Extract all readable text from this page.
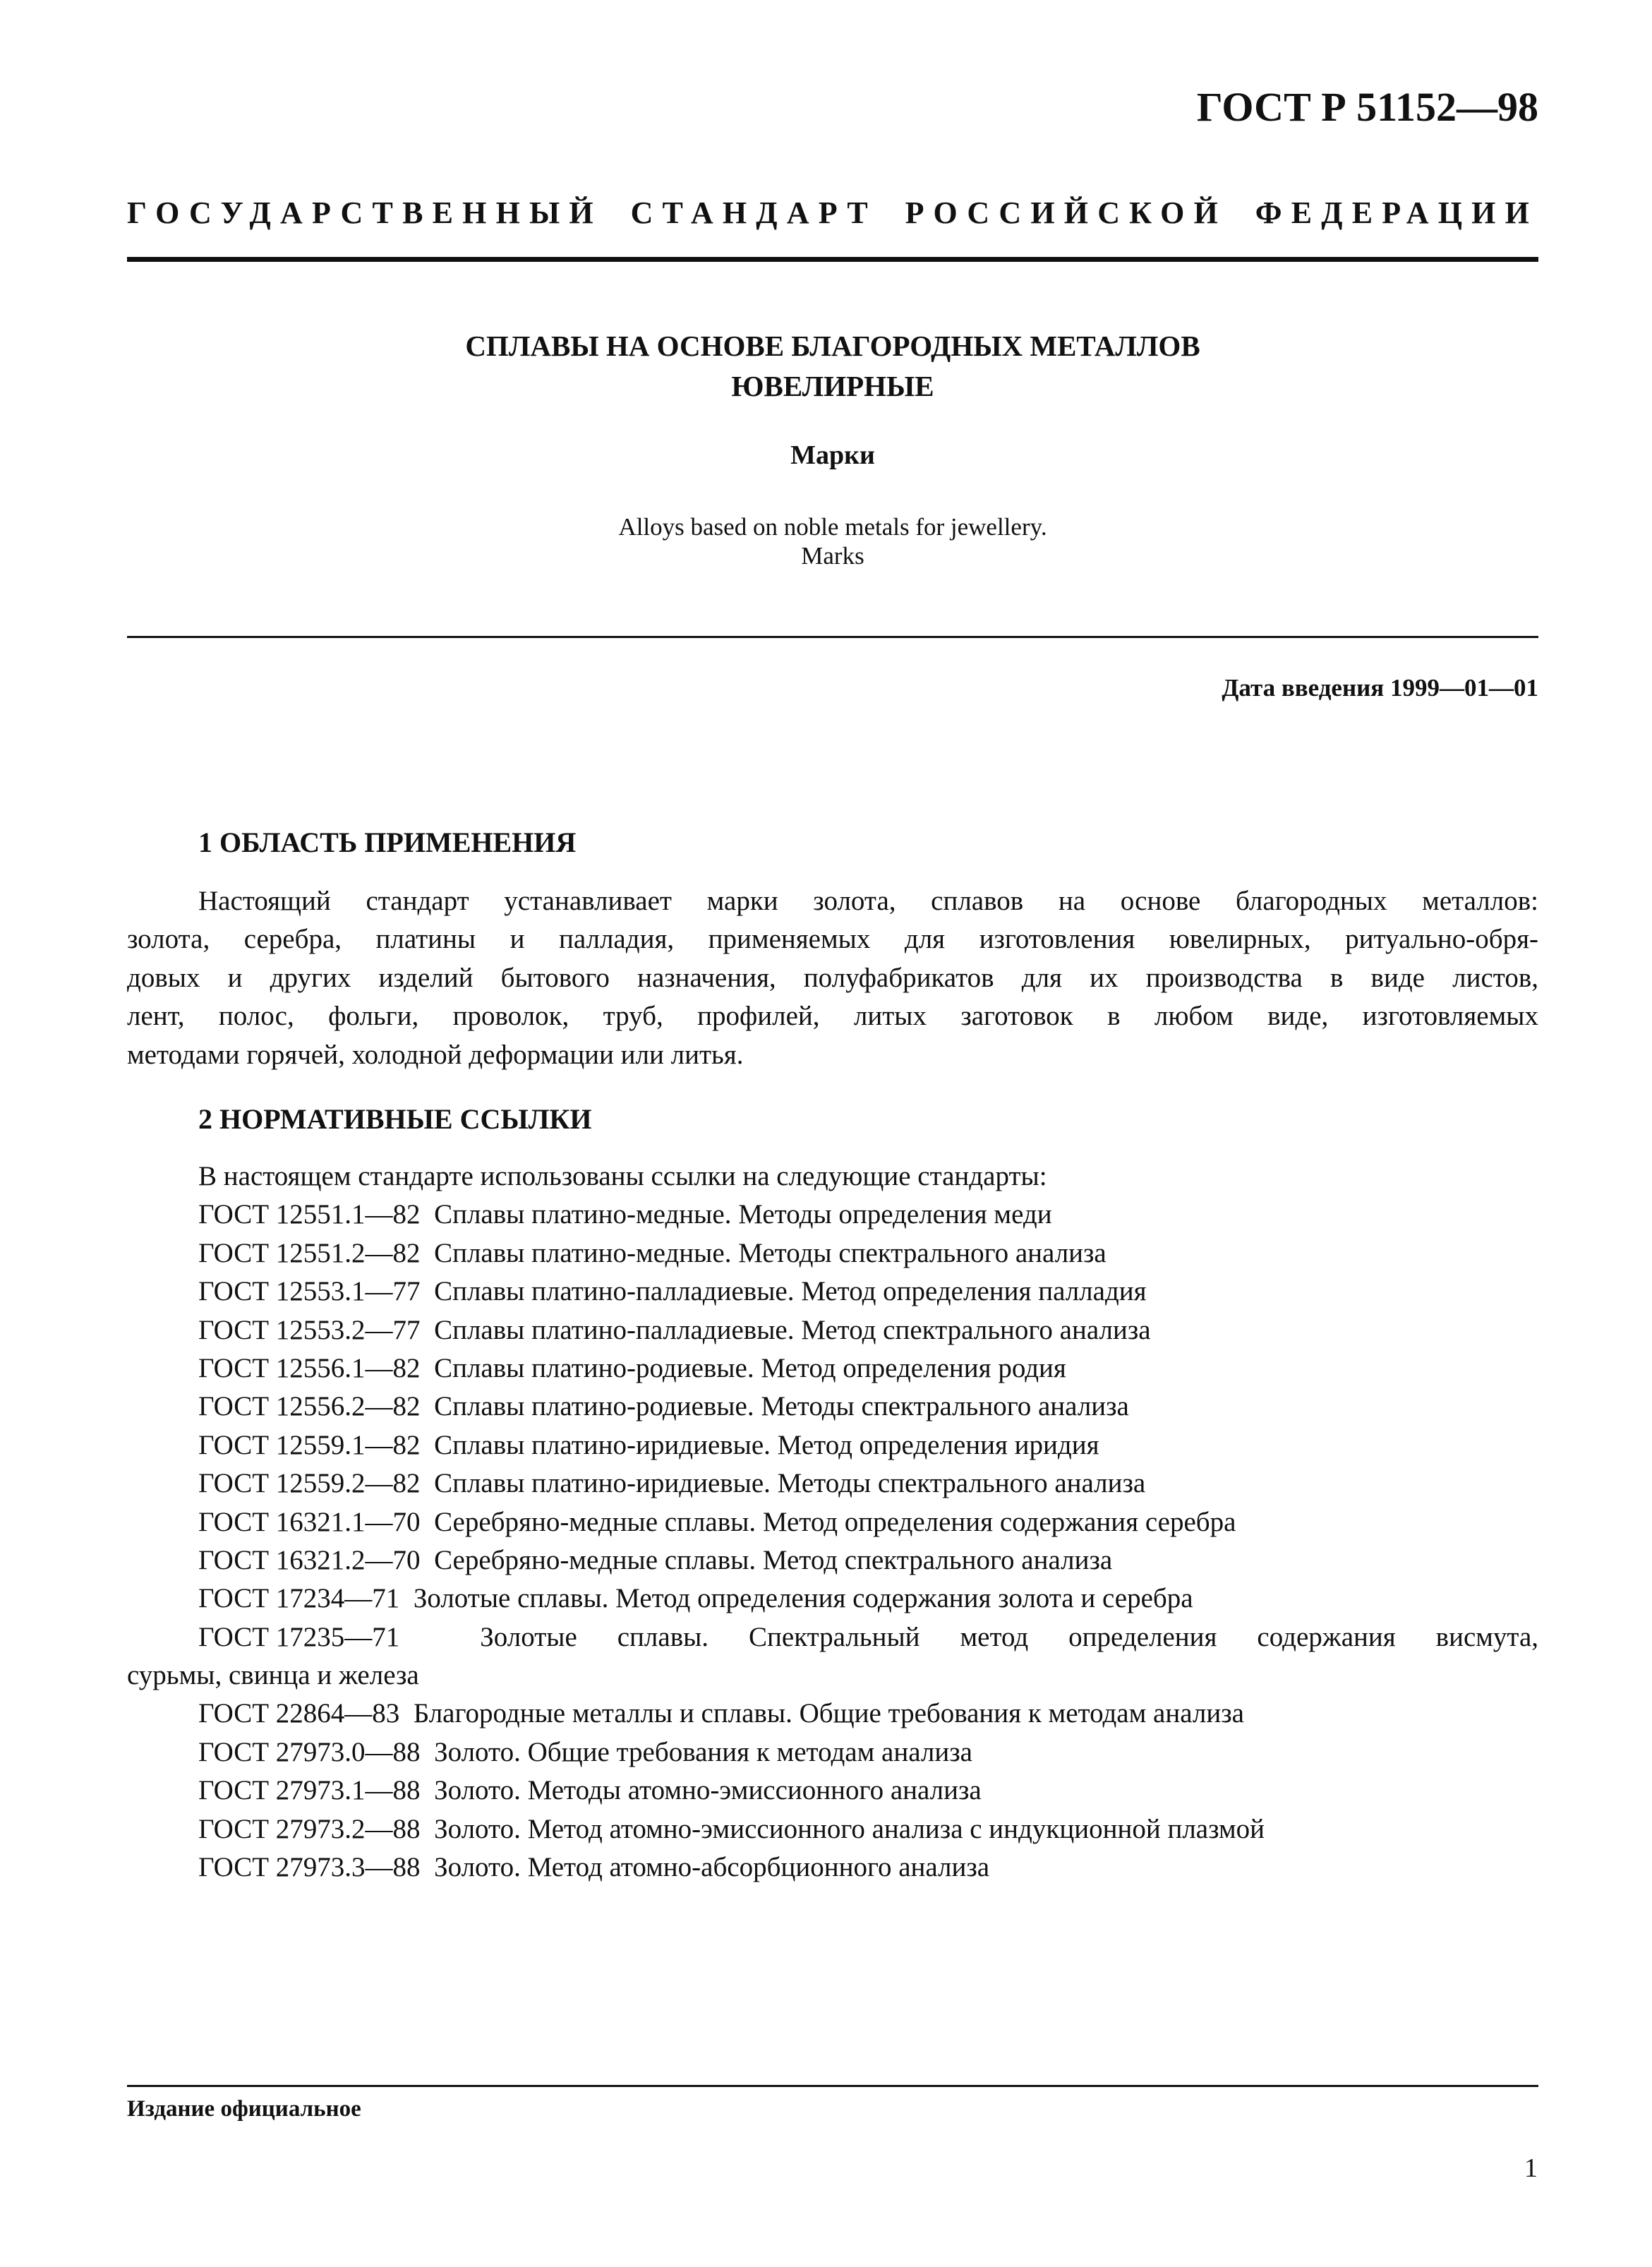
ГОСТ Р 51152—98
ГОСУДАРСТВЕННЫЙ СТАНДАРТ РОССИЙСКОЙ ФЕДЕРАЦИИ
СПЛАВЫ НА ОСНОВЕ БЛАГОРОДНЫХ МЕТАЛЛОВ
ЮВЕЛИРНЫЕ
Марки
Alloys based on noble metals for jewellery.
Marks
Дата введения 1999—01—01
1 ОБЛАСТЬ ПРИМЕНЕНИЯ
Настоящий стандарт устанавливает марки золота, сплавов на основе благородных металлов:
золота, серебра, платины и палладия, применяемых для изготовления ювелирных, ритуально-обря-
довых и других изделий бытового назначения, полуфабрикатов для их производства в виде листов,
лент, полос, фольги, проволок, труб, профилей, литых заготовок в любом виде, изготовляемых
методами горячей, холодной деформации или литья.
2 НОРМАТИВНЫЕ ССЫЛКИ
В настоящем стандарте использованы ссылки на следующие стандарты:
ГОСТ 12551.1—82 Сплавы платино-медные. Методы определения меди
ГОСТ 12551.2—82 Сплавы платино-медные. Методы спектрального анализа
ГОСТ 12553.1—77 Сплавы платино-палладиевые. Метод определения палладия
ГОСТ 12553.2—77 Сплавы платино-палладиевые. Метод спектрального анализа
ГОСТ 12556.1—82 Сплавы платино-родиевые. Метод определения родия
ГОСТ 12556.2—82 Сплавы платино-родиевые. Методы спектрального анализа
ГОСТ 12559.1—82 Сплавы платино-иридиевые. Метод определения иридия
ГОСТ 12559.2—82 Сплавы платино-иридиевые. Методы спектрального анализа
ГОСТ 16321.1—70 Серебряно-медные сплавы. Метод определения содержания серебра
ГОСТ 16321.2—70 Серебряно-медные сплавы. Метод спектрального анализа
ГОСТ 17234—71 Золотые сплавы. Метод определения содержания золота и серебра
ГОСТ 17235—71	Золотые сплавы. Спектральный метод определения содержания висмута,
сурьмы, свинца и железа
ГОСТ 22864—83 Благородные металлы и сплавы. Общие требования к методам анализа
ГОСТ 27973.0—88 Золото. Общие требования к методам анализа
ГОСТ 27973.1—88 Золото. Методы атомно-эмиссионного анализа
ГОСТ 27973.2—88 Золото. Метод атомно-эмиссионного анализа с индукционной плазмой
ГОСТ 27973.3—88 Золото. Метод атомно-абсорбционного анализа
Издание официальное
1
